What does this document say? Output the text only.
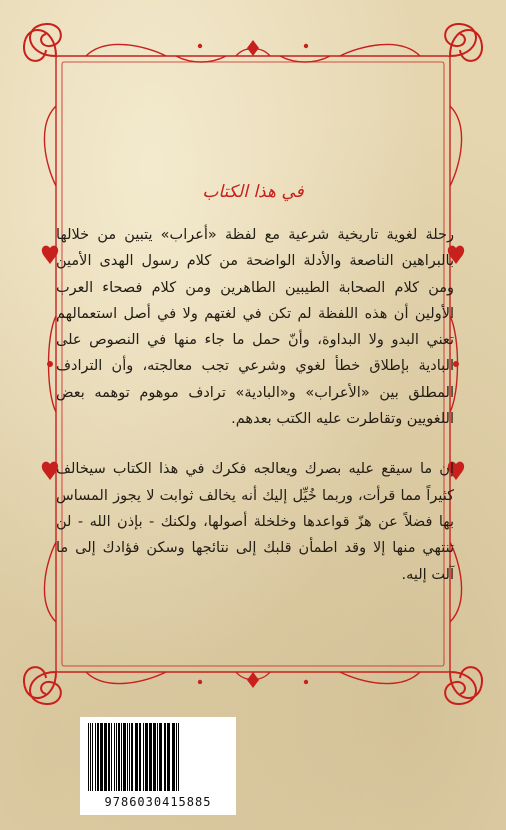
في هذا الكتاب

رحلة لغوية تاريخية شرعية مع لفظة «أعراب» يتبين من خلالها بالبراهين الناصعة والأدلة الواضحة من كلام رسول الهدى الأمين ومن كلام الصحابة الطيبين الطاهرين ومن كلام فصحاء العرب الأولين أن هذه اللفظة لم تكن في لغتهم ولا في أصل استعمالهم تعني البدو ولا البداوة، وأنّ حمل ما جاء منها في النصوص على البادية بإطلاق خطأ لغوي وشرعي تجب معالجته، وأن الترادف المطلق بين «الأعراب» و«البادية» ترادف موهوم توهمه بعض اللغويين وتقاطرت عليه الكتب بعدهم.

إن ما سيقع عليه بصرك ويعالجه فكرك في هذا الكتاب سيخالف كثيراً مما قرأت، وربما خُيِّل إليك أنه يخالف ثوابت لا يجوز المساس بها فضلاً عن هزّ قواعدها وخلخلة أصولها، ولكنك - بإذن الله - لن تنتهي منها إلا وقد اطمأن قلبك إلى نتائجها وسكن فؤادك إلى ما آلت إليه.

9786030415885
